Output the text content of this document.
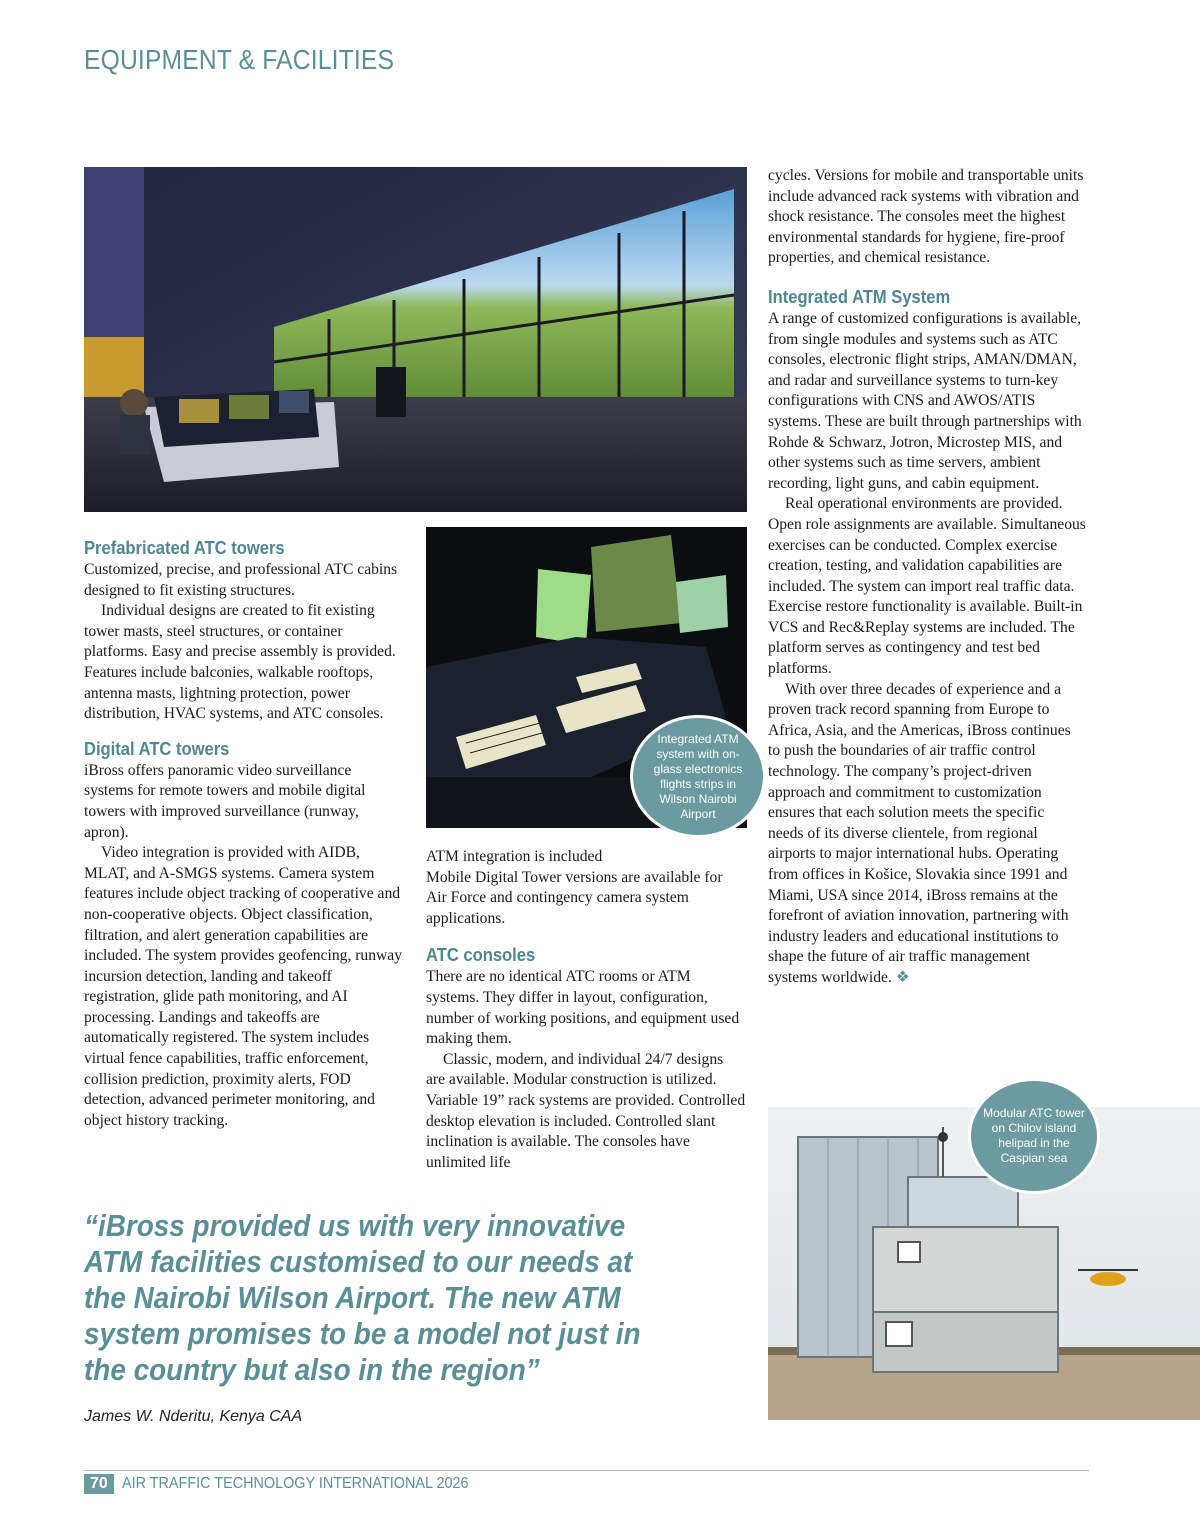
EQUIPMENT & FACILITIES
Integrated ATM system with on-glass electronics flights strips in Wilson Nairobi Airport
Prefabricated ATC towers

Customized, precise, and professional ATC cabins designed to fit existing structures.

Individual designs are created to fit existing tower masts, steel structures, or container platforms. Easy and precise assembly is provided. Features include balconies, walkable rooftops, antenna masts, lightning protection, power distribution, HVAC systems, and ATC consoles.

Digital ATC towers

iBross offers panoramic video surveillance systems for remote towers and mobile digital towers with improved surveillance (runway, apron).

Video integration is provided with AIDB, MLAT, and A-SMGS systems. Camera system features include object tracking of cooperative and non-cooperative objects. Object classification, filtration, and alert generation capabilities are included. The system provides geofencing, runway incursion detection, landing and takeoff registration, glide path monitoring, and AI processing. Landings and takeoffs are automatically registered. The system includes virtual fence capabilities, traffic enforcement, collision prediction, proximity alerts, FOD detection, advanced perimeter monitoring, and object history tracking.

ATM integration is included

Mobile Digital Tower versions are available for Air Force and contingency camera system applications.

ATC consoles

There are no identical ATC rooms or ATM systems. They differ in layout, configuration, number of working positions, and equipment used making them.

Classic, modern, and individual 24/7 designs are available. Modular construction is utilized. Variable 19” rack systems are provided. Controlled desktop elevation is included. Controlled slant inclination is available. The consoles have unlimited life

cycles. Versions for mobile and transportable units include advanced rack systems with vibration and shock resistance. The consoles meet the highest environmental standards for hygiene, fire-proof properties, and chemical resistance.

Integrated ATM System

A range of customized configurations is available, from single modules and systems such as ATC consoles, electronic flight strips, AMAN/DMAN, and radar and surveillance systems to turn-key configurations with CNS and AWOS/ATIS systems. These are built through partnerships with Rohde & Schwarz, Jotron, Microstep MIS, and other systems such as time servers, ambient recording, light guns, and cabin equipment.

Real operational environments are provided. Open role assignments are available. Simultaneous exercises can be conducted. Complex exercise creation, testing, and validation capabilities are included. The system can import real traffic data. Exercise restore functionality is available. Built-in VCS and Rec&Replay systems are included. The platform serves as contingency and test bed platforms.

With over three decades of experience and a proven track record spanning from Europe to Africa, Asia, and the Americas, iBross continues to push the boundaries of air traffic control technology. The company’s project-driven approach and commitment to customization ensures that each solution meets the specific needs of its diverse clientele, from regional airports to major international hubs. Operating from offices in Košice, Slovakia since 1991 and Miami, USA since 2014, iBross remains at the forefront of aviation innovation, partnering with industry leaders and educational institutions to shape the future of air traffic management systems worldwide. ❖

Modular ATC tower on Chilov island helipad in the Caspian sea
“iBross provided us with very innovative ATM facilities customised to our needs at the Nairobi Wilson Airport. The new ATM system promises to be a model not just in the country but also in the region”
James W. Nderitu, Kenya CAA
70 AIR TRAFFIC TECHNOLOGY INTERNATIONAL 2026
